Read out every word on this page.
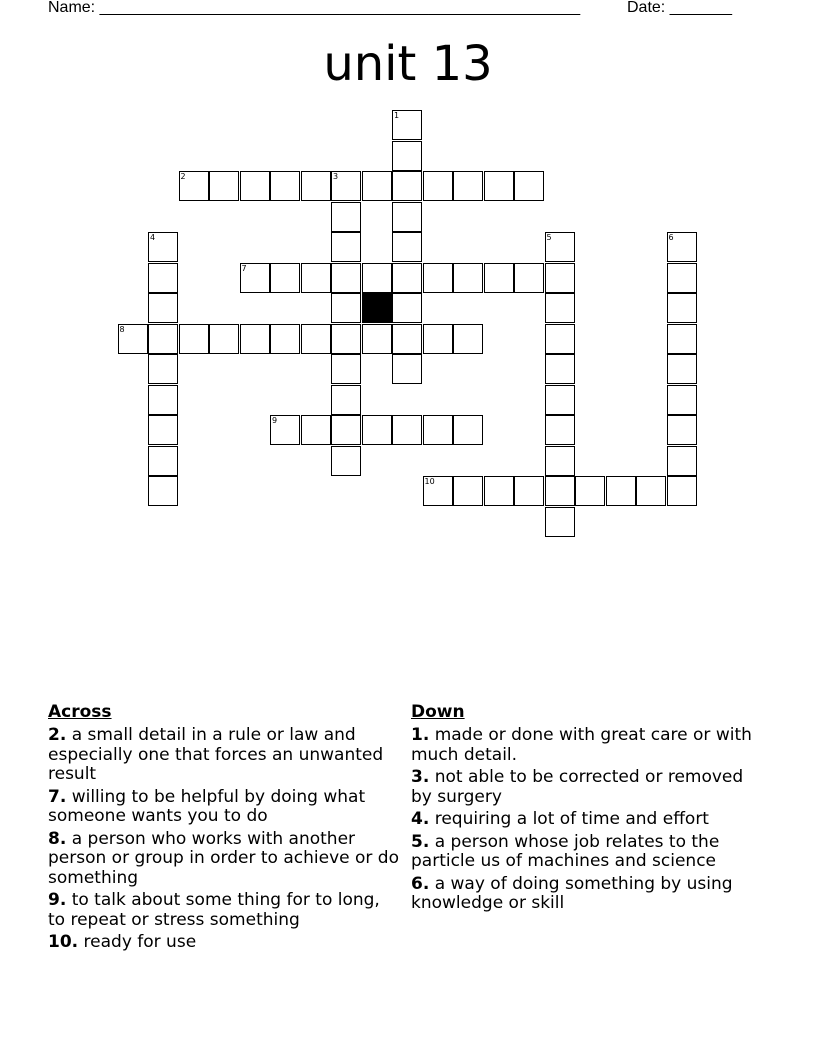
Name: ______________________________________________________	Date: _______
unit 13
1
2	3
4	5	6
7
8
9
10
Across
2. a small detail in a rule or law and especially one that forces an unwanted result
7. willing to be helpful by doing what someone wants you to do
8. a person who works with another person or group in order to achieve or do something
9. to talk about some thing for to long, to repeat or stress something
10. ready for use
Down
1. made or done with great care or with much detail.
3. not able to be corrected or removed by surgery
4. requiring a lot of time and effort
5. a person whose job relates to the particle us of machines and science
6. a way of doing something by using knowledge or skill
